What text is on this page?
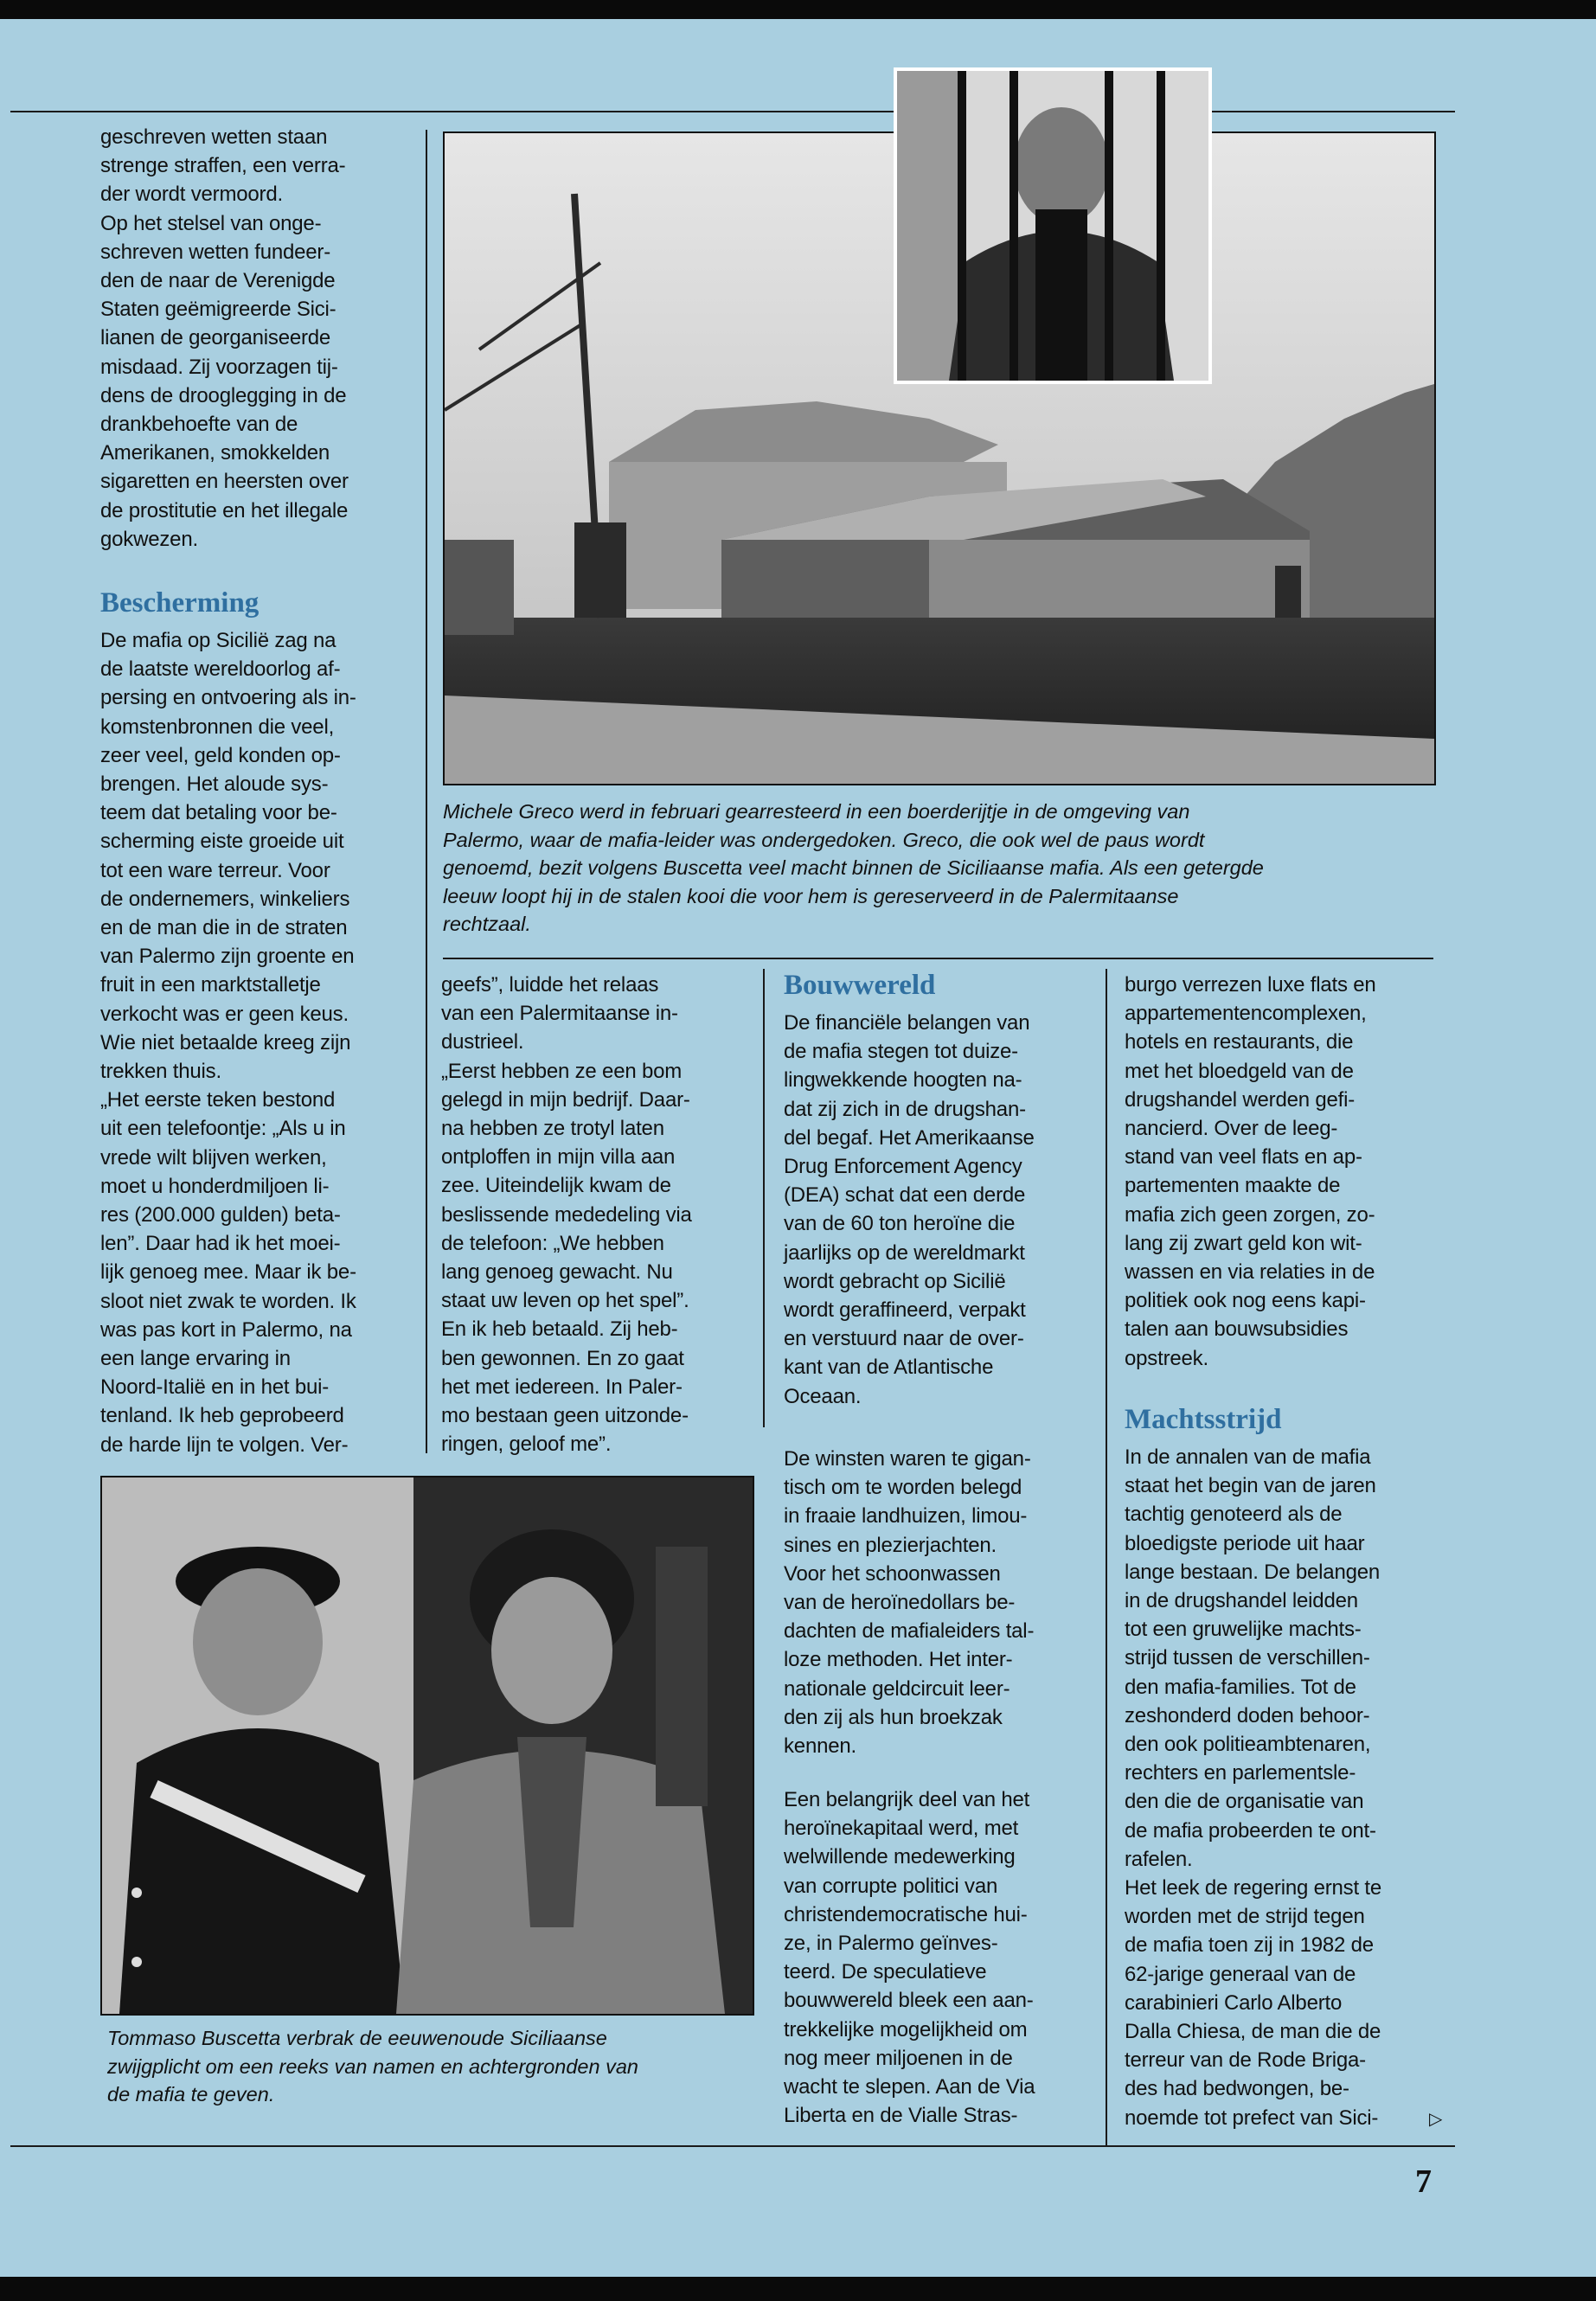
geschreven wetten staan
strenge straffen, een verra-
der wordt vermoord.
Op het stelsel van onge-
schreven wetten fundeer-
den de naar de Verenigde
Staten geëmigreerde Sici-
lianen de georganiseerde
misdaad. Zij voorzagen tij-
dens de drooglegging in de
drankbehoefte van de
Amerikanen, smokkelden
sigaretten en heersten over
de prostitutie en het illegale
gokwezen.
Bescherming
De mafia op Sicilië zag na
de laatste wereldoorlog af-
persing en ontvoering als in-
komstenbronnen die veel,
zeer veel, geld konden op-
brengen. Het aloude sys-
teem dat betaling voor be-
scherming eiste groeide uit
tot een ware terreur. Voor
de ondernemers, winkeliers
en de man die in de straten
van Palermo zijn groente en
fruit in een marktstalletje
verkocht was er geen keus.
Wie niet betaalde kreeg zijn
trekken thuis.
„Het eerste teken bestond
uit een telefoontje: „Als u in
vrede wilt blijven werken,
moet u honderdmiljoen li-
res (200.000 gulden) beta-
len”. Daar had ik het moei-
lijk genoeg mee. Maar ik be-
sloot niet zwak te worden. Ik
was pas kort in Palermo, na
een lange ervaring in
Noord-Italië en in het bui-
tenland. Ik heb geprobeerd
de harde lijn te volgen. Ver-
Michele Greco werd in februari gearresteerd in een boerderijtje in de omgeving van
Palermo, waar de mafia-leider was ondergedoken. Greco, die ook wel de paus wordt
genoemd, bezit volgens Buscetta veel macht binnen de Siciliaanse mafia. Als een getergde
leeuw loopt hij in de stalen kooi die voor hem is gereserveerd in de Palermitaanse
rechtzaal.
geefs”, luidde het relaas
van een Palermitaanse in-
dustrieel.
„Eerst hebben ze een bom
gelegd in mijn bedrijf. Daar-
na hebben ze trotyl laten
ontploffen in mijn villa aan
zee. Uiteindelijk kwam de
beslissende mededeling via
de telefoon: „We hebben
lang genoeg gewacht. Nu
staat uw leven op het spel”.
En ik heb betaald. Zij heb-
ben gewonnen. En zo gaat
het met iedereen. In Paler-
mo bestaan geen uitzonde-
ringen, geloof me”.
Bouwwereld
De financiële belangen van
de mafia stegen tot duize-
lingwekkende hoogten na-
dat zij zich in de drugshan-
del begaf. Het Amerikaanse
Drug Enforcement Agency
(DEA) schat dat een derde
van de 60 ton heroïne die
jaarlijks op de wereldmarkt
wordt gebracht op Sicilië
wordt geraffineerd, verpakt
en verstuurd naar de over-
kant van de Atlantische
Oceaan.
De winsten waren te gigan-
tisch om te worden belegd
in fraaie landhuizen, limou-
sines en plezierjachten.
Voor het schoonwassen
van de heroïnedollars be-
dachten de mafialeiders tal-
loze methoden. Het inter-
nationale geldcircuit leer-
den zij als hun broekzak
kennen.
Een belangrijk deel van het
heroïnekapitaal werd, met
welwillende medewerking
van corrupte politici van
christendemocratische hui-
ze, in Palermo geïnves-
teerd. De speculatieve
bouwwereld bleek een aan-
trekkelijke mogelijkheid om
nog meer miljoenen in de
wacht te slepen. Aan de Via
Liberta en de Vialle Stras-
burgo verrezen luxe flats en
appartementencomplexen,
hotels en restaurants, die
met het bloedgeld van de
drugshandel werden gefi-
nancierd. Over de leeg-
stand van veel flats en ap-
partementen maakte de
mafia zich geen zorgen, zo-
lang zij zwart geld kon wit-
wassen en via relaties in de
politiek ook nog eens kapi-
talen aan bouwsubsidies
opstreek.
Machtsstrijd
In de annalen van de mafia
staat het begin van de jaren
tachtig genoteerd als de
bloedigste periode uit haar
lange bestaan. De belangen
in de drugshandel leidden
tot een gruwelijke machts-
strijd tussen de verschillen-
den mafia-families. Tot de
zeshonderd doden behoor-
den ook politieambtenaren,
rechters en parlementsle-
den die de organisatie van
de mafia probeerden te ont-
rafelen.
Het leek de regering ernst te
worden met de strijd tegen
de mafia toen zij in 1982 de
62-jarige generaal van de
carabinieri Carlo Alberto
Dalla Chiesa, de man die de
terreur van de Rode Briga-
des had bedwongen, be-
noemde tot prefect van Sici-	▷
Tommaso Buscetta verbrak de eeuwenoude Siciliaanse
zwijgplicht om een reeks van namen en achtergronden van
de mafia te geven.
7
